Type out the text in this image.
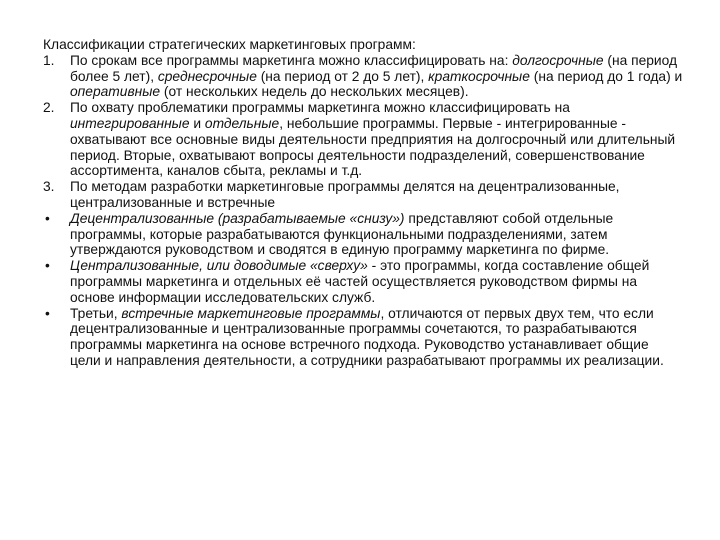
Классификации стратегических маркетинговых программ:

1.	По срокам все программы маркетинга можно классифицировать на: долгосрочные (на период более 5 лет), среднесрочные (на период от 2 до 5 лет), краткосрочные (на период до 1 года) и оперативные (от нескольких недель до нескольких месяцев).
2.	По охвату проблематики программы маркетинга можно классифицировать на интегрированные и отдельные, небольшие программы. Первые - интегрированные - охватывают все основные виды деятельности предприятия на долгосрочный или длительный период. Вторые, охватывают вопросы деятельности подразделений, совершенствование ассортимента, каналов сбыта, рекламы и т.д.
3.	По методам разработки маркетинговые программы делятся на децентрализованные, централизованные и встречные
•	Децентрализованные (разрабатываемые «снизу») представляют собой отдельные программы, которые разрабатываются функциональными подразделениями, затем утверждаются руководством и сводятся в единую программу маркетинга по фирме.
•	Централизованные, или доводимые «сверху» - это программы, когда составление общей программы маркетинга и отдельных её частей осуществляется руководством фирмы на основе информации исследовательских служб.
•	Третьи, встречные маркетинговые программы, отличаются от первых двух тем, что если децентрализованные и централизованные программы сочетаются, то разрабатываются программы маркетинга на основе встречного подхода. Руководство устанавливает общие цели и направления деятельности, а сотрудники разрабатывают программы их реализации.
